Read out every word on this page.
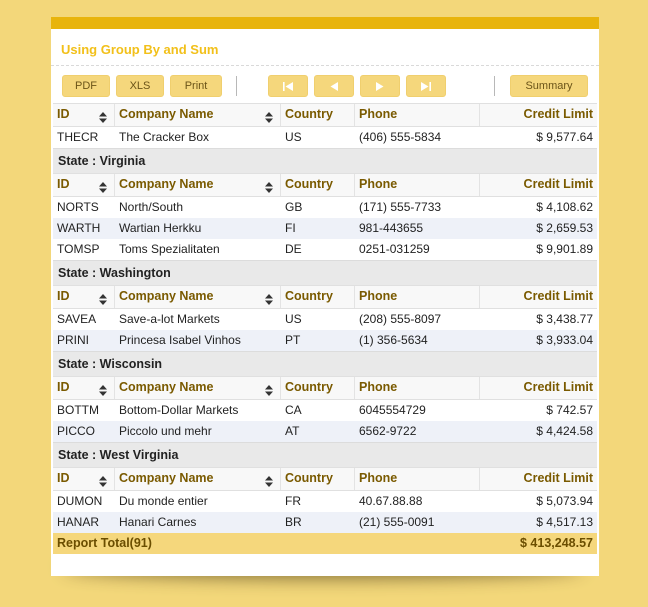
Using Group By and Sum
PDF	XLS	Print	Summary
ID	Company Name	Country	Phone	Credit Limit
THECR	The Cracker Box	US	(406) 555-5834	$ 9,577.64
State : Virginia
ID	Company Name	Country	Phone	Credit Limit
NORTS	North/South	GB	(171) 555-7733	$ 4,108.62
WARTH	Wartian Herkku	FI	981-443655	$ 2,659.53
TOMSP	Toms Spezialitaten	DE	0251-031259	$ 9,901.89
State : Washington
ID	Company Name	Country	Phone	Credit Limit
SAVEA	Save-a-lot Markets	US	(208) 555-8097	$ 3,438.77
PRINI	Princesa Isabel Vinhos	PT	(1) 356-5634	$ 3,933.04
State : Wisconsin
ID	Company Name	Country	Phone	Credit Limit
BOTTM	Bottom-Dollar Markets	CA	6045554729	$ 742.57
PICCO	Piccolo und mehr	AT	6562-9722	$ 4,424.58
State : West Virginia
ID	Company Name	Country	Phone	Credit Limit
DUMON	Du monde entier	FR	40.67.88.88	$ 5,073.94
HANAR	Hanari Carnes	BR	(21) 555-0091	$ 4,517.13
Report Total(91)	$ 413,248.57
